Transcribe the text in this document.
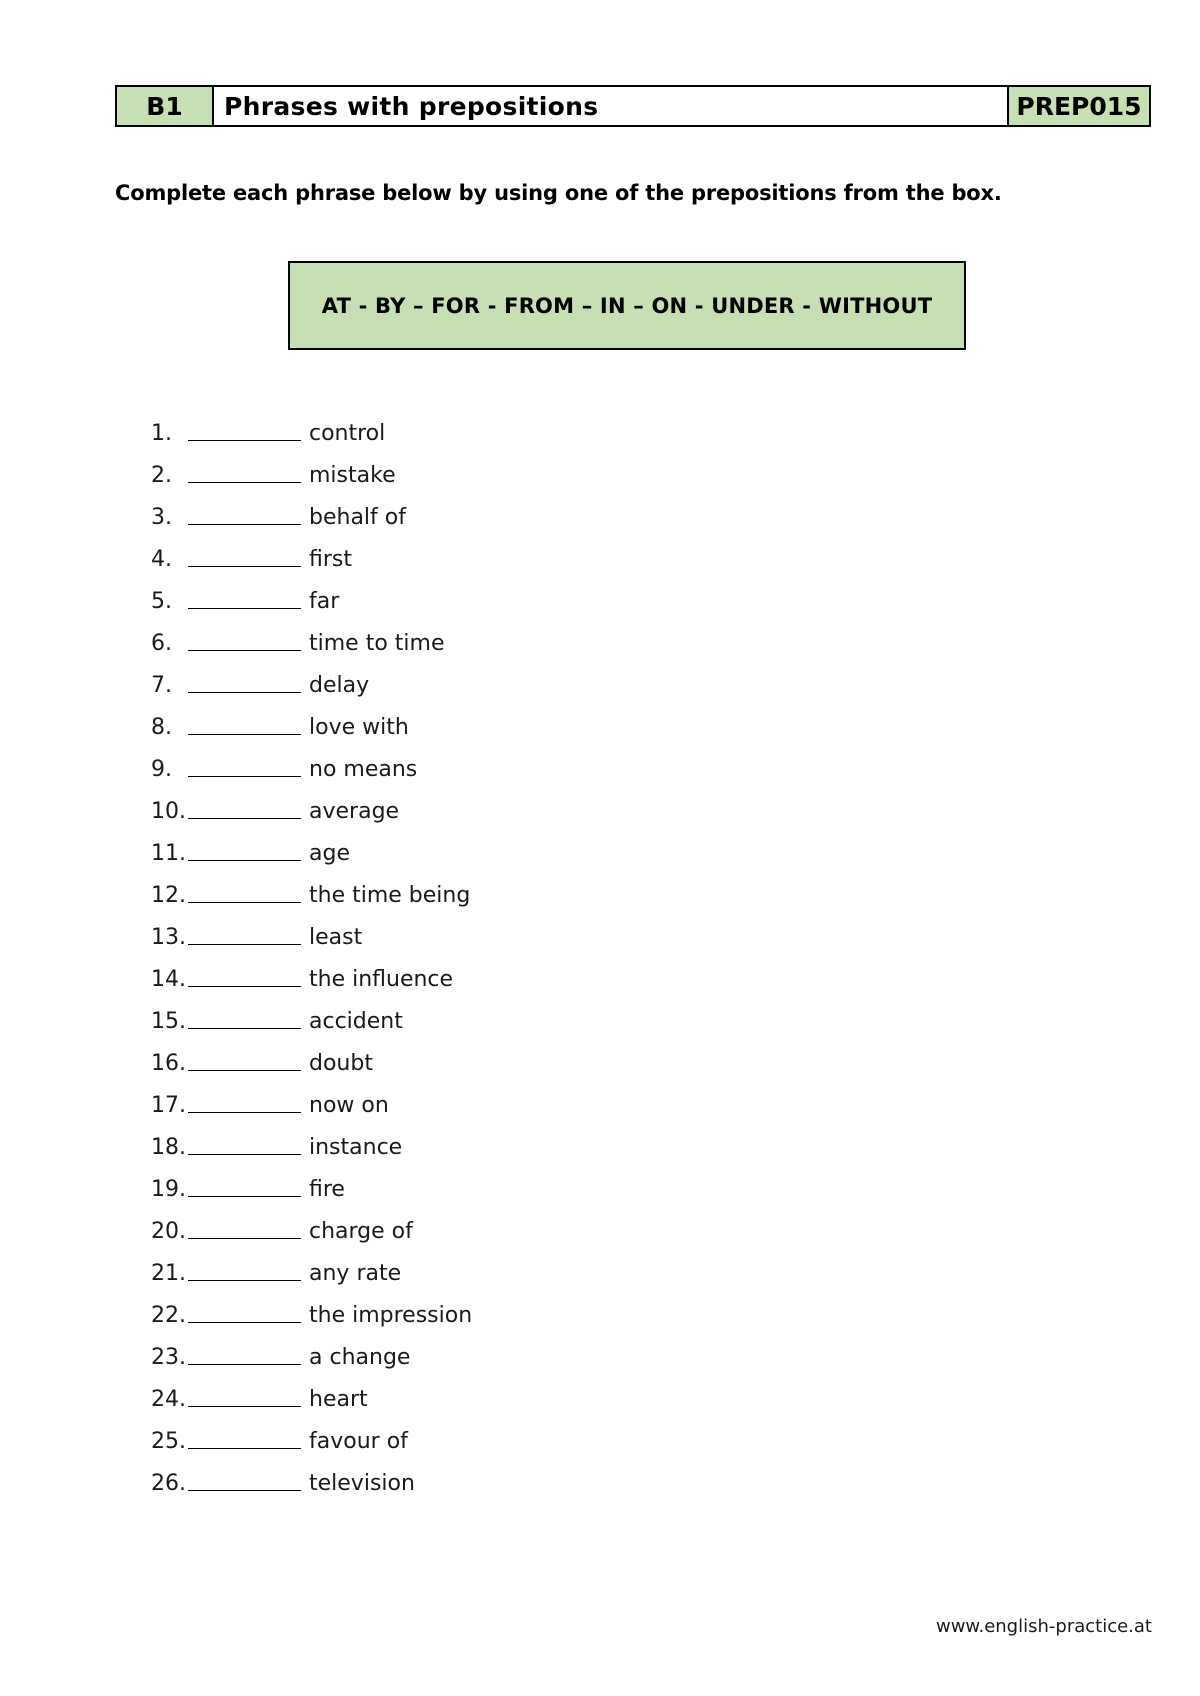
B1	Phrases with prepositions	PREP015
Complete each phrase below by using one of the prepositions from the box.
AT - BY – FOR - FROM – IN – ON - UNDER - WITHOUT
1.	control
2.	mistake
3.	behalf of
4.	first
5.	far
6.	time to time
7.	delay
8.	love with
9.	no means
10.	average
11.	age
12.	the time being
13.	least
14.	the influence
15.	accident
16.	doubt
17.	now on
18.	instance
19.	fire
20.	charge of
21.	any rate
22.	the impression
23.	a change
24.	heart
25.	favour of
26.	television
www.english-practice.at
